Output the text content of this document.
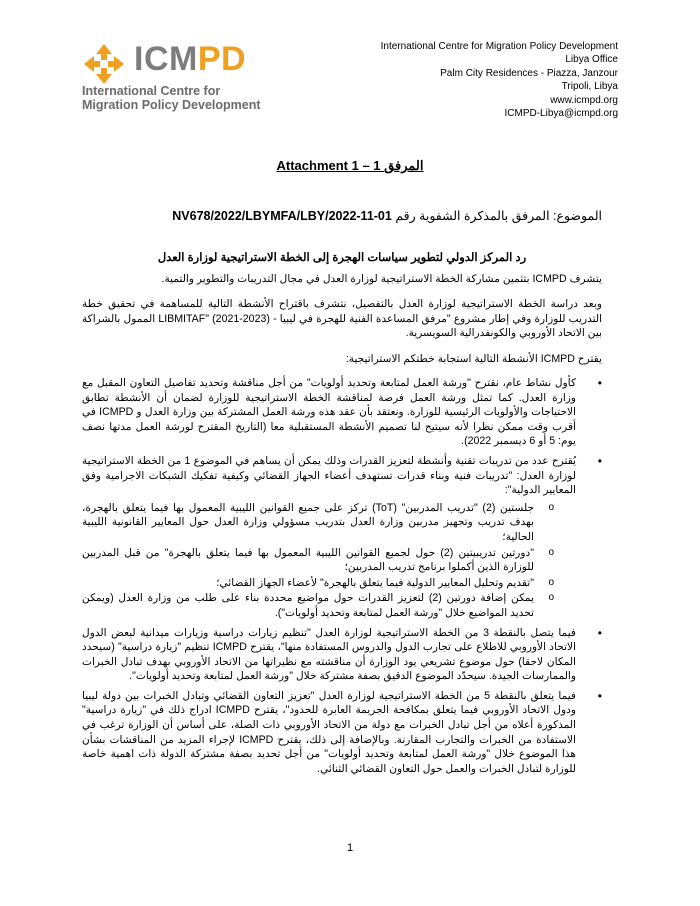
ICMPD
International Centre for
Migration Policy Development
International Centre for Migration Policy Development
Libya Office
Palm City Residences - Piazza, Janzour
Tripoli, Libya
www.icmpd.org
ICMPD-Libya@icmpd.org
Attachment 1 – 1 المرفق
الموضوع: المرفق بالمذكرة الشفوية رقم NV678/2022/LBYMFA/LBY/2022-11-01
رد المركز الدولي لتطوير سياسات الهجرة إلى الخطة الاستراتيجية لوزارة العدل
يتشرف ICMPD بتثمين مشاركة الخطة الاستراتيجية لوزارة العدل في مجال التدريبات والتطوير والتمية.
وبعد دراسة الخطة الاستراتيجية لوزارة العدل بالتفصيل، نتشرف باقتراح الأنشطة التالية للمساهمة في تحقيق خطة التدريب للوزارة وفي إطار مشروع "مرفق المساعدة الفنية للهجرة في ليبيا - LIBMITAF" (2021-2023) الممول بالشراكة بين الاتحاد الأوروبي والكونفدرالية السويسرية.
يقترح ICMPD الأنشطة التالية استجابة خطتكم الاستراتيجية:
• كأول نشاط عام، نقترح "ورشة العمل لمتابعة وتحديد أولويات" من أجل مناقشة وتحديد تفاصيل التعاون المقبل مع وزارة العدل. كما تمثل ورشة العمل فرصة لمناقشة الخطة الاستراتيجية للوزارة لضمان أن الأنشطة تطابق الاحتياجات والأولويات الرئيسية للوزارة. ونعتقد بأن عقد هذه ورشة العمل المشتركة بين وزارة العدل و ICMPD في أقرب وقت ممكن نظرا لأنه سيتيح لنا تصميم الأنشطة المستقبلية معا (التاريخ المقترح لورشة العمل مدتها نصف يوم: 5 أو 6 ديسمبر 2022).
• يُقترح عدد من تدريبات تقنية وأنشطة لتعزيز القدرات وذلك يمكن أن يساهم في الموضوع 1 من الخطة الاستراتيجية لوزارة العدل: "تدريبات فنية وبناء قدرات تستهدف أعضاء الجهاز القضائي وكيفية تفكيك الشبكات الاجرامية وفق المعايير الدولية":
o جلستين (2) "تدريب المدربين" (ToT) تركز على جميع القوانين الليبية المعمول بها فيما يتعلق بالهجرة، بهدف تدريب وتجهيز مدربين وزارة العدل بتدريب مسؤولي وزارة العدل حول المعايير القانونية الليبية الحالية؛
o "دورتين تدريبيتين (2) حول لجميع القوانين الليبية المعمول بها فيما يتعلق بالهجرة" من قبل المدربين للوزارة الذين أكملوا برنامج تدريب المدربين؛
o "تقديم وتحليل المعايير الدولية فيما يتعلق بالهجرة" لأعضاء الجهاز القضائي؛
o يمكن إضافة دورتين (2) لتعزيز القدرات حول مواضيع محددة بناء على طلب من وزارة العدل (ويمكن تحديد المواضيع خلال "ورشة العمل لمتابعة وتحديد أولويات").
• فيما يتصل بالنقطة 3 من الخطة الاستراتيجية لوزارة العدل "تنظيم زيارات دراسية وزيارات ميدانية لبعض الدول الاتحاد الأوروبي للاطلاع على تجارب الدول والدروس المستفادة منها"، يقترح ICMPD تنظيم "زيارة دراسية" (سيحدد المكان لاحقا) حول موضوع تشريعي يود الوزارة أن مناقشته مع نظيراتها من الاتحاد الأوروبي بهدف تبادل الخبرات والممارسات الجيدة. سيحدّد الموضوع الدقيق بصفة مشتركة خلال "ورشة العمل لمتابعة وتحديد أولويات".
• فيما يتعلق بالنقطة 5 من الخطة الاستراتيجية لوزارة العدل "تعزيز التعاون القضائي وتبادل الخبرات بين دولة ليبيا ودول الاتحاد الأوروبي فيما يتعلق بمكافحة الجريمة العابرة للحدود"، يقترح ICMPD ادراج ذلك في "زيارة دراسية" المذكورة أعلاه من أجل تبادل الخبرات مع دولة من الاتحاد الأوروبي ذات الصلة، على أساس أن الوزارة ترغب في الاستفادة من الخبرات والتجارب المقارنة. وبالإضافة إلى ذلك، يقترح ICMPD لإجراء المزيد من المناقشات بشأن هذا الموضوع خلال "ورشة العمل لمتابعة وتحديد أولويات" من أجل تحديد بصفة مشتركة الدولة ذات اهمية خاصة للوزارة لتبادل الخبرات والعمل حول التعاون القضائي الثنائي.
1
